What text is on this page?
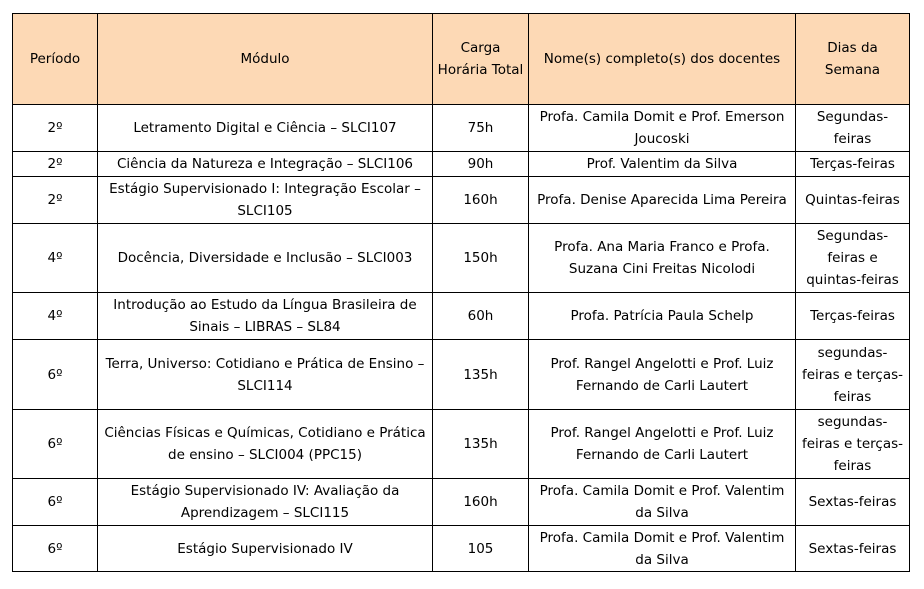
Período	Módulo	Carga Horária Total	Nome(s) completo(s) dos docentes	Dias da Semana
2º	Letramento Digital e Ciência – SLCI107	75h	Profa. Camila Domit e Prof. Emerson Joucoski	Segundas-feiras
2º	Ciência da Natureza e Integração – SLCI106	90h	Prof. Valentim da Silva	Terças-feiras
2º	Estágio Supervisionado I: Integração Escolar – SLCI105	160h	Profa. Denise Aparecida Lima Pereira	Quintas-feiras
4º	Docência, Diversidade e Inclusão – SLCI003	150h	Profa. Ana Maria Franco e Profa. Suzana Cini Freitas Nicolodi	Segundas-feiras e quintas-feiras
4º	Introdução ao Estudo da Língua Brasileira de Sinais – LIBRAS – SL84	60h	Profa. Patrícia Paula Schelp	Terças-feiras
6º	Terra, Universo: Cotidiano e Prática de Ensino – SLCI114	135h	Prof. Rangel Angelotti e Prof. Luiz Fernando de Carli Lautert	segundas-feiras e terças-feiras
6º	Ciências Físicas e Químicas, Cotidiano e Prática de ensino – SLCI004 (PPC15)	135h	Prof. Rangel Angelotti e Prof. Luiz Fernando de Carli Lautert	segundas-feiras e terças-feiras
6º	Estágio Supervisionado IV: Avaliação da Aprendizagem – SLCI115	160h	Profa. Camila Domit e Prof. Valentim da Silva	Sextas-feiras
6º	Estágio Supervisionado IV	105	Profa. Camila Domit e Prof. Valentim da Silva	Sextas-feiras
